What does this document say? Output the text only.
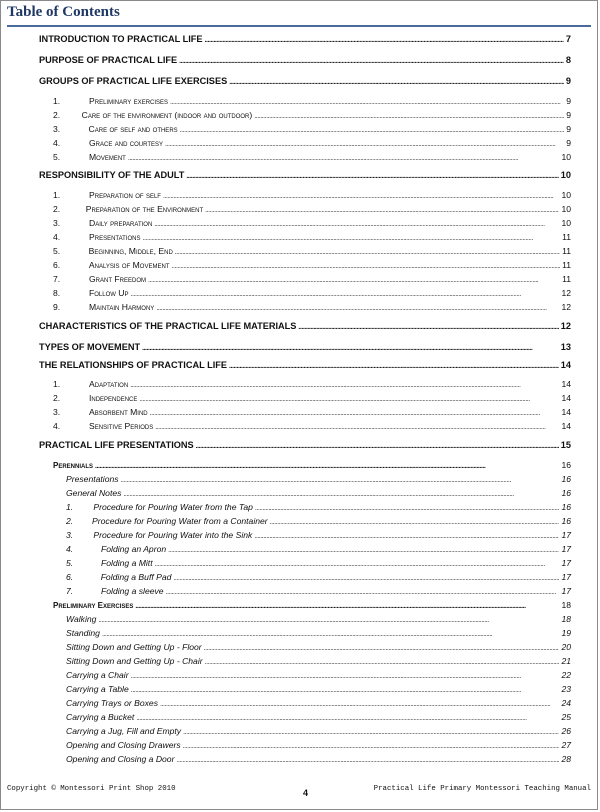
Table of Contents
INTRODUCTION TO PRACTICAL LIFE . . .	7
PURPOSE OF PRACTICAL LIFE . . .	8
GROUPS OF PRACTICAL LIFE EXERCISES . . .	9
1.	Preliminary exercises . . .	9
2.	Care of the environment (indoor and outdoor) . . .	9
3.	Care of self and others . . .	9
4.	Grace and courtesy . . .	9
5.	Movement . . .	10
RESPONSIBILITY OF THE ADULT . . .	10
1.	Preparation of self . . .	10
2.	Preparation of the Environment . . .	10
3.	Daily preparation . . .	10
4.	Presentations . . .	11
5.	Beginning, Middle, End . . .	11
6.	Analysis of Movement . . .	11
7.	Grant Freedom . . .	11
8.	Follow Up . . .	12
9.	Maintain Harmony . . .	12
CHARACTERISTICS OF THE PRACTICAL LIFE MATERIALS . . .	12
TYPES OF MOVEMENT . . .	13
THE RELATIONSHIPS OF PRACTICAL LIFE . . .	14
1.	Adaptation . . .	14
2.	Independence . . .	14
3.	Absorbent Mind . . .	14
4.	Sensitive Periods . . .	14
PRACTICAL LIFE PRESENTATIONS . . .	15
Perennials . . .	16
Presentations . . .	16
General Notes . . .	16
1.	Procedure for Pouring Water from the Tap . . .	16
2.	Procedure for Pouring Water from a Container . . .	16
3.	Procedure for Pouring Water into the Sink . . .	17
4.	Folding an Apron . . .	17
5.	Folding a Mitt . . .	17
6.	Folding a Buff Pad . . .	17
7.	Folding a sleeve . . .	17
Preliminary Exercises . . .	18
Walking . . .	18
Standing . . .	19
Sitting Down and Getting Up - Floor . . .	20
Sitting Down and Getting Up - Chair . . .	21
Carrying a Chair . . .	22
Carrying a Table . . .	23
Carrying Trays or Boxes . . .	24
Carrying a Bucket . . .	25
Carrying a Jug, Fill and Empty . . .	26
Opening and Closing Drawers . . .	27
Opening and Closing a Door . . .	28
Copyright © Montessori Print Shop 2010	4	Practical Life Primary Montessori Teaching Manual
